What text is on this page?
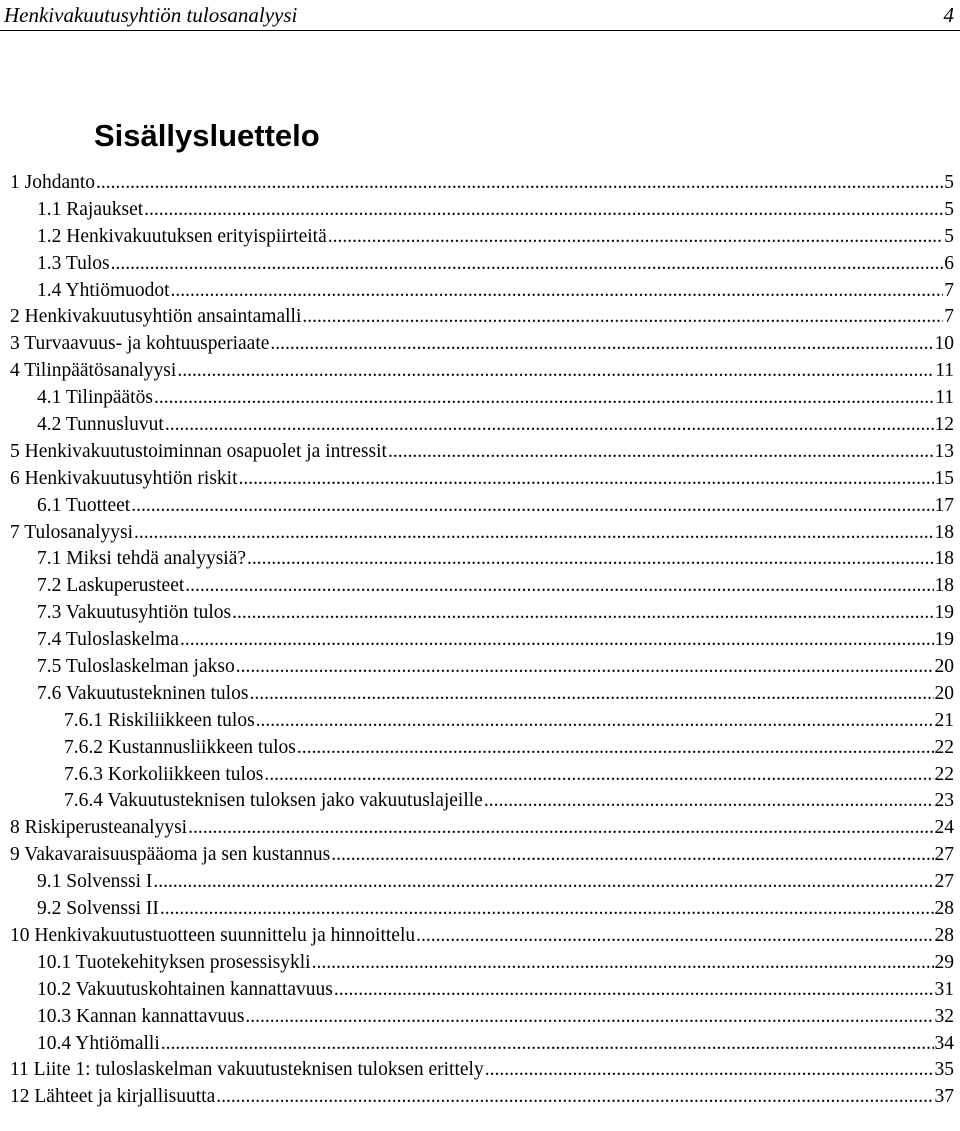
Henkivakuutusyhtiön tulosanalyysi	4
Sisällysluettelo
1 Johdanto .....	5
1.1 Rajaukset .....	5
1.2 Henkivakuutuksen erityispiirteitä .....	5
1.3 Tulos .....	6
1.4 Yhtiömuodot .....	7
2 Henkivakuutusyhtiön ansaintamalli .....	7
3 Turvaavuus- ja kohtuusperiaate .....	10
4 Tilinpäätösanalyysi .....	11
4.1 Tilinpäätös .....	11
4.2 Tunnusluvut .....	12
5 Henkivakuutustoiminnan osapuolet ja intressit .....	13
6 Henkivakuutusyhtiön riskit .....	15
6.1 Tuotteet .....	17
7 Tulosanalyysi .....	18
7.1 Miksi tehdä analyysiä? .....	18
7.2 Laskuperusteet .....	18
7.3 Vakuutusyhtiön tulos .....	19
7.4 Tuloslaskelma .....	19
7.5 Tuloslaskelman jakso .....	20
7.6 Vakuutustekninen tulos .....	20
7.6.1 Riskiliikkeen tulos .....	21
7.6.2 Kustannusliikkeen tulos .....	22
7.6.3 Korkoliikkeen tulos .....	22
7.6.4 Vakuutusteknisen tuloksen jako vakuutuslajeille .....	23
8 Riskiperusteanalyysi .....	24
9 Vakavaraisuuspääoma ja sen kustannus .....	27
9.1 Solvenssi I .....	27
9.2 Solvenssi II .....	28
10 Henkivakuutustuotteen suunnittelu ja hinnoittelu .....	28
10.1 Tuotekehityksen prosessisykli .....	29
10.2 Vakuutuskohtainen kannattavuus .....	31
10.3 Kannan kannattavuus .....	32
10.4 Yhtiömalli .....	34
11 Liite 1: tuloslaskelman vakuutusteknisen tuloksen erittely .....	35
12 Lähteet ja kirjallisuutta .....	37
